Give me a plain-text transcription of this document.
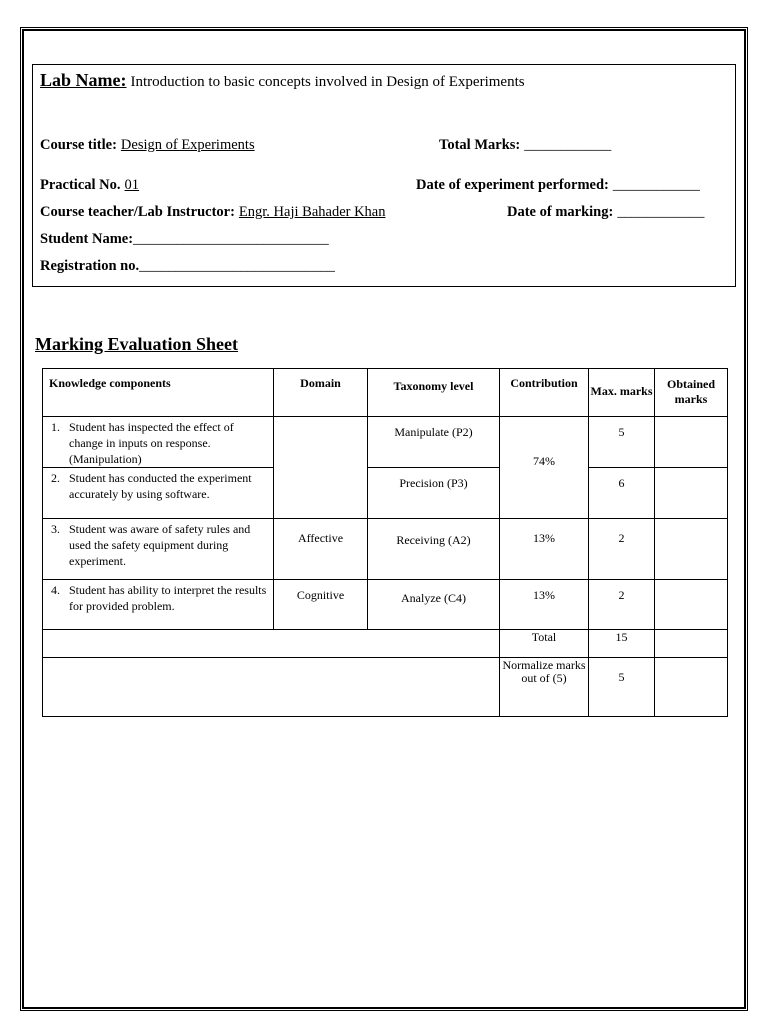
Lab Name: Introduction to basic concepts involved in Design of Experiments
Course title: Design of Experiments	Total Marks: ____________
Practical No. 01	Date of experiment performed: ____________
Course teacher/Lab Instructor: Engr. Haji Bahader Khan	Date of marking: ____________
Student Name:___________________________
Registration no.___________________________
Marking Evaluation Sheet
Knowledge components	Domain	Taxonomy level	Contribution	Max. marks	Obtained marks

1. Student has inspected the effect of change in inputs on response. (Manipulation)		Manipulate (P2)	74%	5	

2. Student has conducted the experiment accurately by using software.		Precision (P3)		6	

3. Student was aware of safety rules and used the safety equipment during experiment.	Affective	Receiving (A2)	13%	2	

4. Student has ability to interpret the results for provided problem.	Cognitive	Analyze (C4)	13%	2	
			Total	15	
			Normalize marks out of (5)	5	
